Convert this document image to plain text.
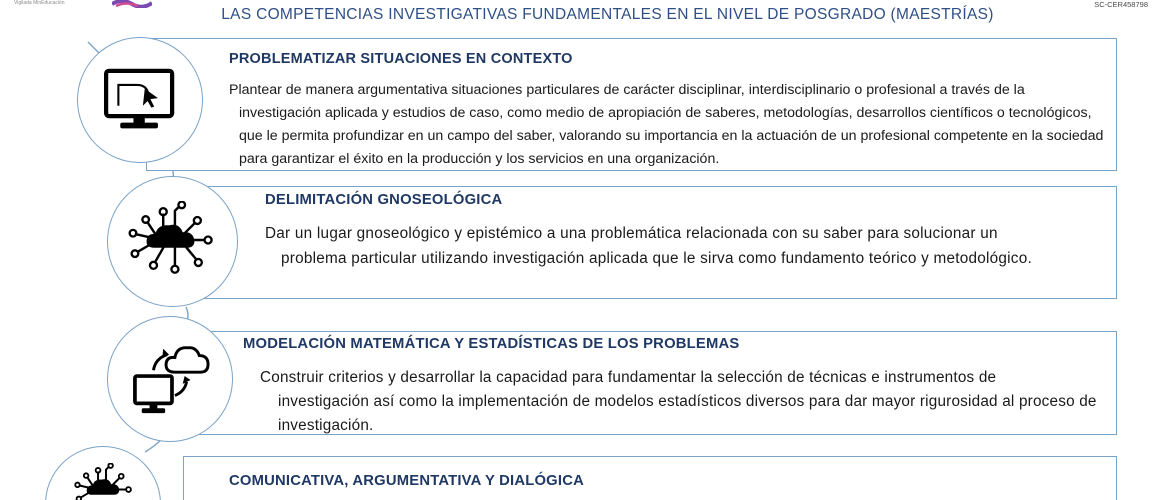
Vigilada MinEducación
LAS COMPETENCIAS INVESTIGATIVAS FUNDAMENTALES EN EL NIVEL DE POSGRADO (MAESTRÍAS)
SC-CER458798
PROBLEMATIZAR SITUACIONES EN CONTEXTO
Plantear de manera argumentativa situaciones particulares de carácter disciplinar, interdisciplinario o profesional a través de la
investigación aplicada y estudios de caso, como medio de apropiación de saberes, metodologías, desarrollos científicos o tecnológicos, que le permita profundizar en un campo del saber, valorando su importancia en la actuación de un profesional competente en la sociedad para garantizar el éxito en la producción y los servicios en una organización.
DELIMITACIÓN GNOSEOLÓGICA
Dar un lugar gnoseológico y epistémico a una problemática relacionada con su saber para solucionar un
problema particular utilizando investigación aplicada que le sirva como fundamento teórico y metodológico.
MODELACIÓN MATEMÁTICA Y ESTADÍSTICAS DE LOS PROBLEMAS
Construir criterios y desarrollar la capacidad para fundamentar la selección de técnicas e instrumentos de
investigación así como la implementación de modelos estadísticos diversos para dar mayor rigurosidad al proceso de investigación.
COMUNICATIVA, ARGUMENTATIVA Y DIALÓGICA
